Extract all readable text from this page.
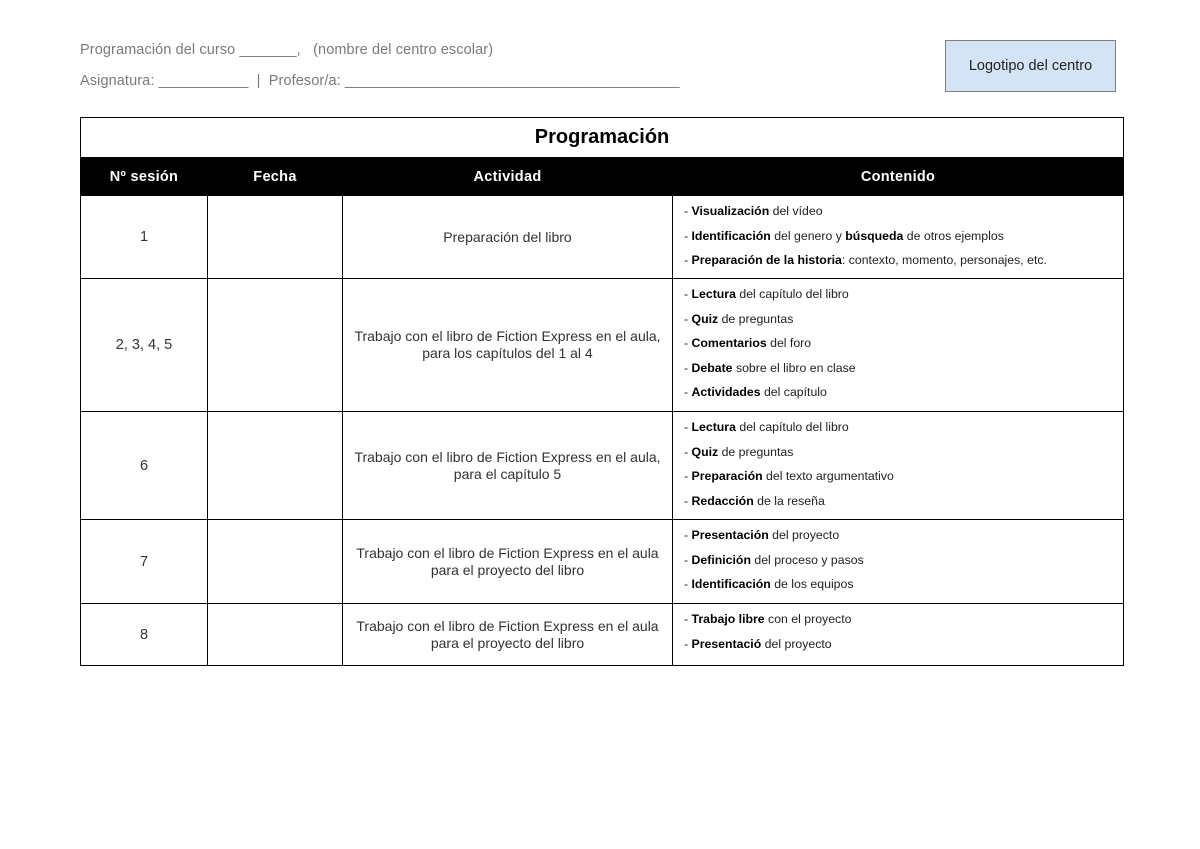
Programación del curso _______,   (nombre del centro escolar)
Asignatura: ___________  |  Profesor/a: _________________________________________
Logotipo del centro
Programación			
Nº sesión	Fecha	Actividad	Contenido
1		Preparación del libro	- Visualización del vídeo
- Identificación del genero y búsqueda de otros ejemplos
- Preparación de la historia: contexto, momento, personajes, etc.

2, 3, 4, 5		Trabajo con el libro de Fiction Express en el aula, para los capítulos del 1 al 4	- Lectura del capítulo del libro
- Quiz de preguntas
- Comentarios del foro
- Debate sobre el libro en clase
- Actividades del capítulo

6		Trabajo con el libro de Fiction Express en el aula, para el capítulo 5	- Lectura del capítulo del libro
- Quiz de preguntas
- Preparación del texto argumentativo
- Redacción de la reseña

7		Trabajo con el libro de Fiction Express en el aula para el proyecto del libro	- Presentación del proyecto
- Definición del proceso y pasos
- Identificación de los equipos

8		Trabajo con el libro de Fiction Express en el aula para el proyecto del libro	- Trabajo libre con el proyecto
- Presentació del proyecto
